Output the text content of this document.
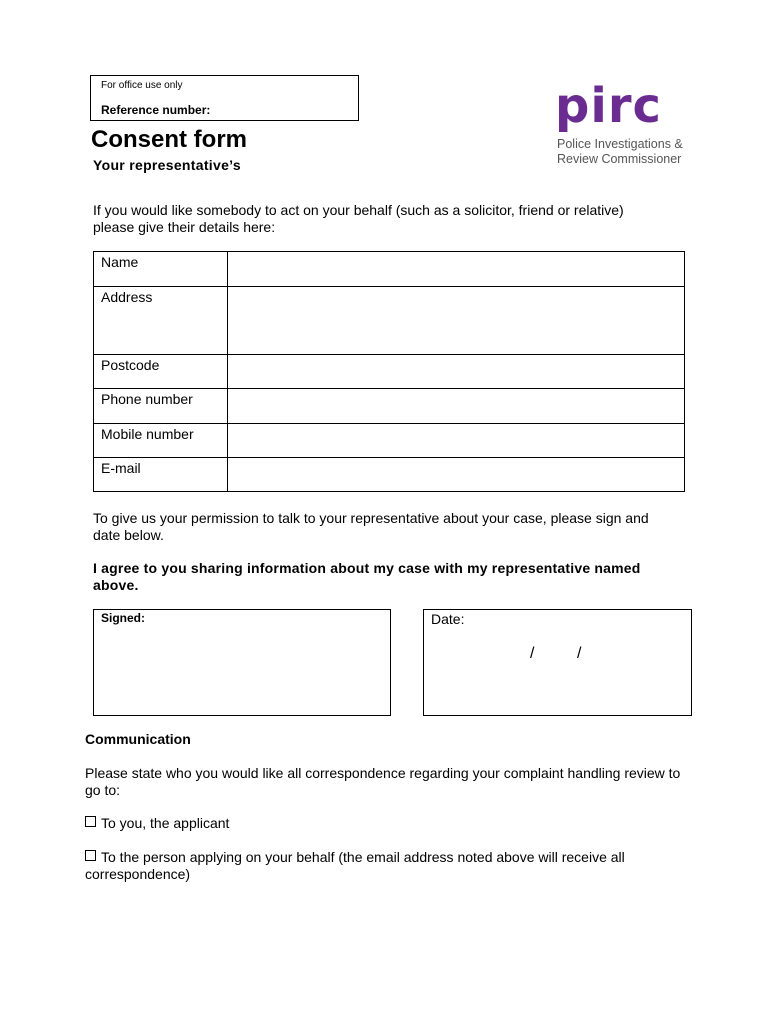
For office use only
Reference number:	pirc
Police Investigations &
Review Commissioner
Consent form
Your representative’s
If you would like somebody to act on your behalf (such as a solicitor, friend or relative) please give their details here:
Name	
Address	
Postcode	
Phone number	
Mobile number	
E-mail	
To give us your permission to talk to your representative about your case, please sign and date below.
I agree to you sharing information about my case with my representative named above.
Signed:	Date:
/	/
Communication
Please state who you would like all correspondence regarding your complaint handling review to go to:
To you, the applicant
To the person applying on your behalf (the email address noted above will receive all correspondence)
